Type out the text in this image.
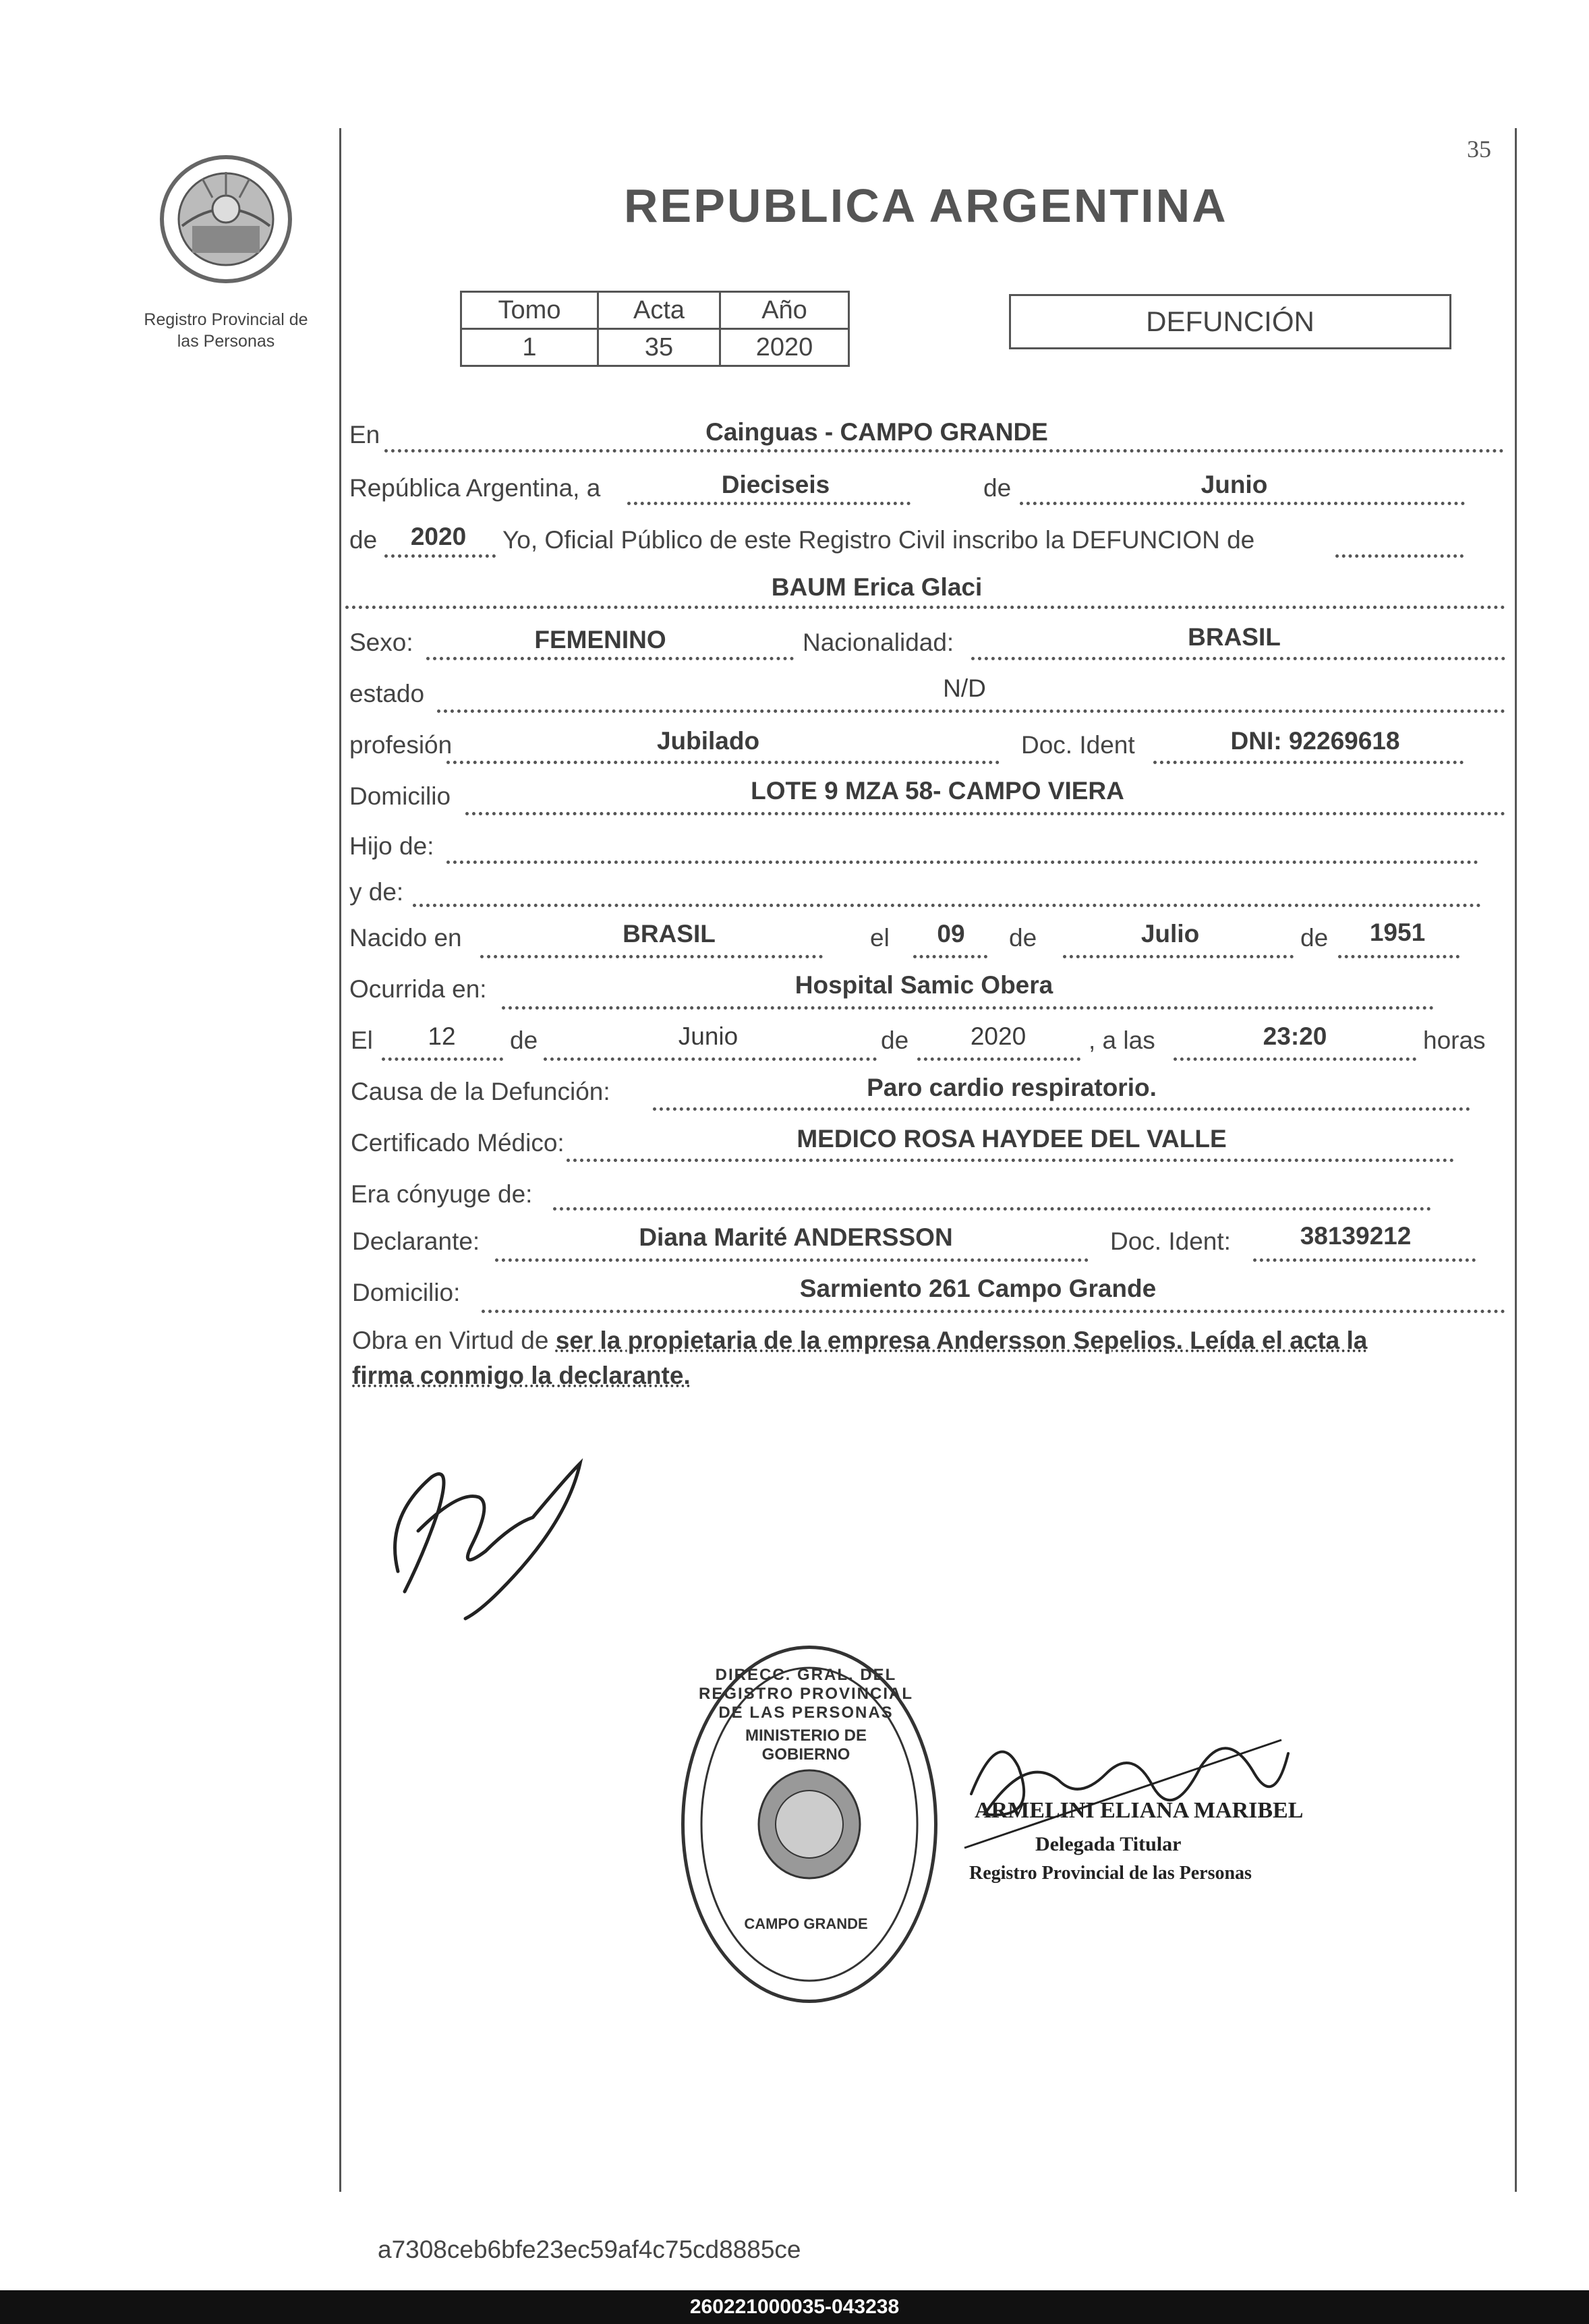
35
Registro Provincial de
las Personas
REPUBLICA ARGENTINA
Tomo	Acta	Año
1	35	2020
DEFUNCIÓN
En	Cainguas - CAMPO GRANDE
República Argentina, a	Dieciseis	de	Junio
de	2020	Yo, Oficial Público de este Registro Civil inscribo la DEFUNCION de
BAUM Erica Glaci
Sexo:	FEMENINO	Nacionalidad:	BRASIL
estado	N/D
profesión	Jubilado	Doc. Ident	DNI: 92269618
Domicilio	LOTE 9 MZA 58- CAMPO VIERA
Hijo de:
y de:
Nacido en	BRASIL	el	09	de	Julio	de	1951
Ocurrida en:	Hospital Samic Obera
El	12	de	Junio	de	2020	, a las	23:20	horas
Causa de la Defunción:	Paro cardio respiratorio.
Certificado Médico:	MEDICO ROSA HAYDEE DEL VALLE
Era cónyuge de:
Declarante:	Diana Marité ANDERSSON	Doc. Ident:	38139212
Domicilio:	Sarmiento 261 Campo Grande
Obra en Virtud de ser la propietaria de la empresa Andersson Sepelios. Leída el acta la
firma conmigo la declarante.
DIRECC. GRAL. DEL REGISTRO PROVINCIAL DE LAS PERSONAS
MINISTERIO DE GOBIERNO
CAMPO GRANDE
ARMELINI ELIANA MARIBEL
Delegada Titular
Registro Provincial de las Personas
a7308ceb6bfe23ec59af4c75cd8885ce
260221000035-043238
